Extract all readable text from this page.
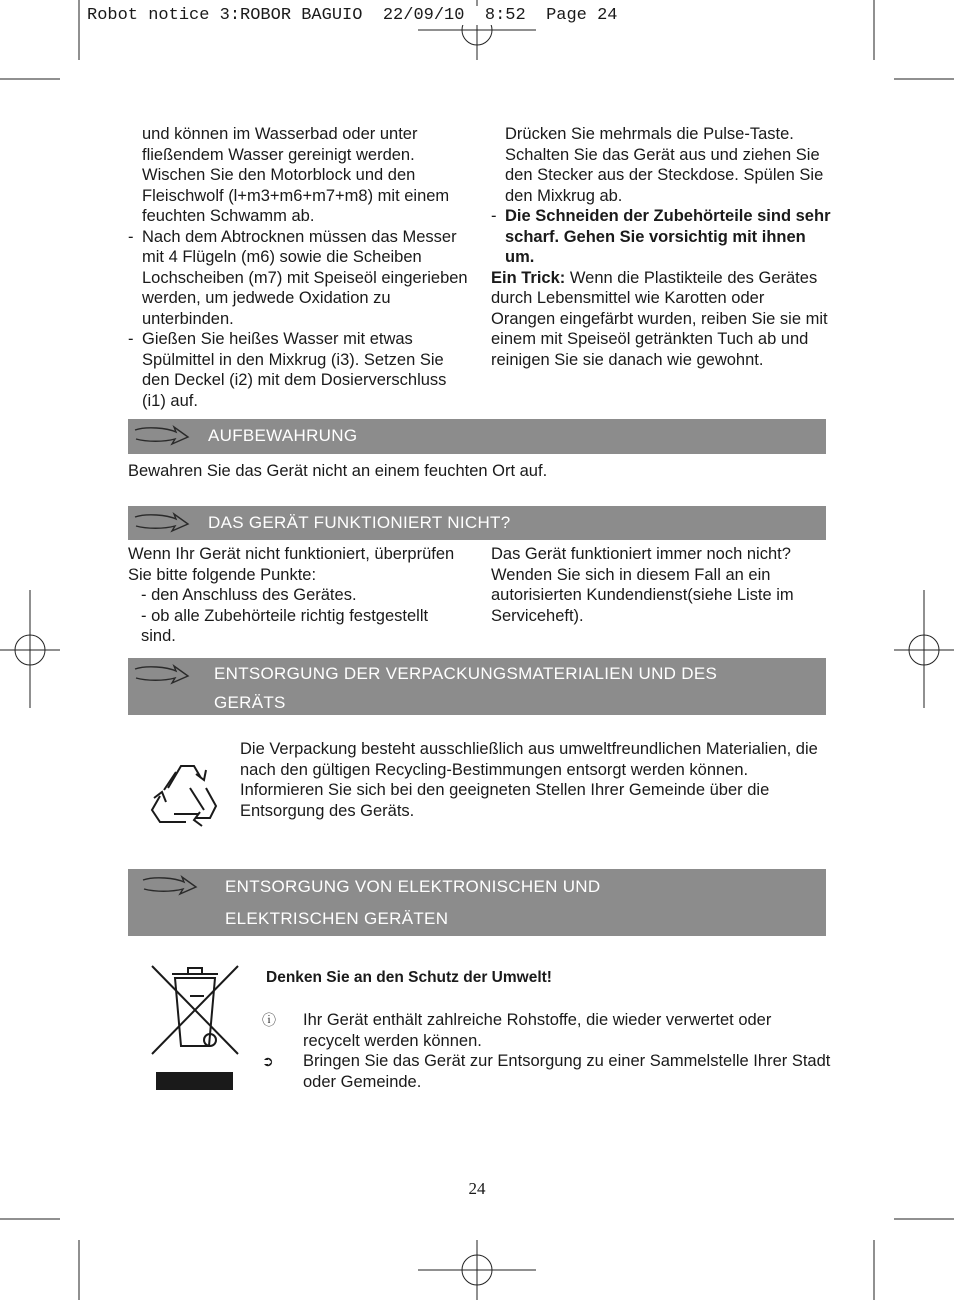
Robot notice 3:ROBOR BAGUIO  22/09/10  8:52  Page 24

und können im Wasserbad oder unter fließendem Wasser gereinigt werden. Wischen Sie den Motorblock und den Fleischwolf (l+m3+m6+m7+m8) mit einem feuchten Schwamm ab.

- Nach dem Abtrocknen müssen das Messer mit 4 Flügeln (m6) sowie die Scheiben Lochscheiben (m7) mit Speiseöl eingerieben werden, um jedwede Oxidation zu unterbinden.
- Gießen Sie heißes Wasser mit etwas Spülmittel in den Mixkrug (i3). Setzen Sie den Deckel (i2) mit dem Dosierverschluss (i1) auf.

Drücken Sie mehrmals die Pulse-Taste. Schalten Sie das Gerät aus und ziehen Sie den Stecker aus der Steckdose. Spülen Sie den Mixkrug ab.

- Die Schneiden der Zubehörteile sind sehr scharf. Gehen Sie vorsichtig mit ihnen um.

Ein Trick: Wenn die Plastikteile des Gerätes durch Lebensmittel wie Karotten oder Orangen eingefärbt wurden, reiben Sie sie mit einem mit Speiseöl getränkten Tuch ab und reinigen Sie sie danach wie gewohnt.

AUFBEWAHRUNG
Bewahren Sie das Gerät nicht an einem feuchten Ort auf.
DAS GERÄT FUNKTIONIERT NICHT?

Wenn Ihr Gerät nicht funktioniert, überprüfen Sie bitte folgende Punkte:

- den Anschluss des Gerätes.

- ob alle Zubehörteile richtig festgestellt sind.

Das Gerät funktioniert immer noch nicht? Wenden Sie sich in diesem Fall an ein autorisierten Kundendienst(siehe Liste im Serviceheft).
ENTSORGUNG DER VERPACKUNGSMATERIALIEN UND DES
GERÄTS

Die Verpackung besteht ausschließlich aus umweltfreundlichen Materialien, die nach den gültigen Recycling-Bestimmungen entsorgt werden können.

Informieren Sie sich bei den geeigneten Stellen Ihrer Gemeinde über die Entsorgung des Geräts.

ENTSORGUNG VON ELEKTRONISCHEN UND
ELEKTRISCHEN GERÄTEN
Denken Sie an den Schutz der Umwelt!
ⓘ Ihr Gerät enthält zahlreiche Rohstoffe, die wieder verwertet oder recycelt werden können.
➲ Bringen Sie das Gerät zur Entsorgung zu einer Sammelstelle Ihrer Stadt oder Gemeinde.
24
